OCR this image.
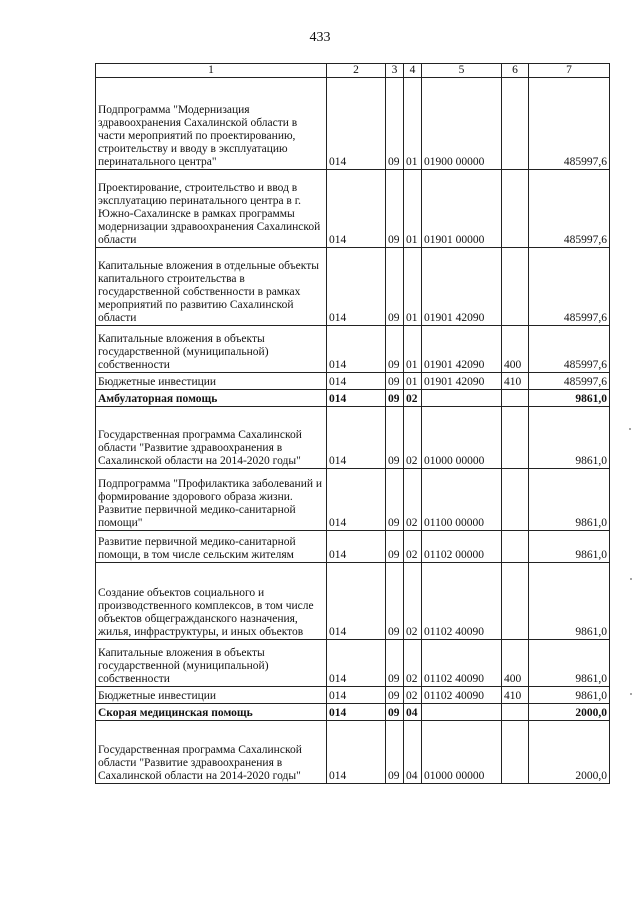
433
1	2	3	4	5	6	7
Подпрограмма "Модернизация здравоохранения Сахалинской области в части мероприятий по проектированию, строительству и вводу в эксплуатацию перинатального центра"	014	09	01	01900 00000		485997,6
Проектирование, строительство и ввод в эксплуатацию перинатального центра в г. Южно-Сахалинске в рамках программы модернизации здравоохранения Сахалинской области	014	09	01	01901 00000		485997,6
Капитальные вложения в отдельные объекты капитального строительства в государственной собственности в рамках мероприятий по развитию Сахалинской области	014	09	01	01901 42090		485997,6
Капитальные вложения в объекты государственной (муниципальной) собственности	014	09	01	01901 42090	400	485997,6
Бюджетные инвестиции	014	09	01	01901 42090	410	485997,6
Амбулаторная помощь	014	09	02			9861,0
Государственная программа Сахалинской области "Развитие здравоохранения в Сахалинской области на 2014-2020 годы"	014	09	02	01000 00000		9861,0
Подпрограмма "Профилактика заболеваний и формирование здорового образа жизни. Развитие первичной медико-санитарной помощи"	014	09	02	01100 00000		9861,0
Развитие первичной медико-санитарной помощи, в том числе сельским жителям	014	09	02	01102 00000		9861,0
Создание объектов социального и производственного комплексов, в том числе объектов общегражданского назначения, жилья, инфраструктуры, и иных объектов	014	09	02	01102 40090		9861,0
Капитальные вложения в объекты государственной (муниципальной) собственности	014	09	02	01102 40090	400	9861,0
Бюджетные инвестиции	014	09	02	01102 40090	410	9861,0
Скорая медицинская помощь	014	09	04			2000,0
Государственная программа Сахалинской области "Развитие здравоохранения в Сахалинской области на 2014-2020 годы"	014	09	04	01000 00000		2000,0
